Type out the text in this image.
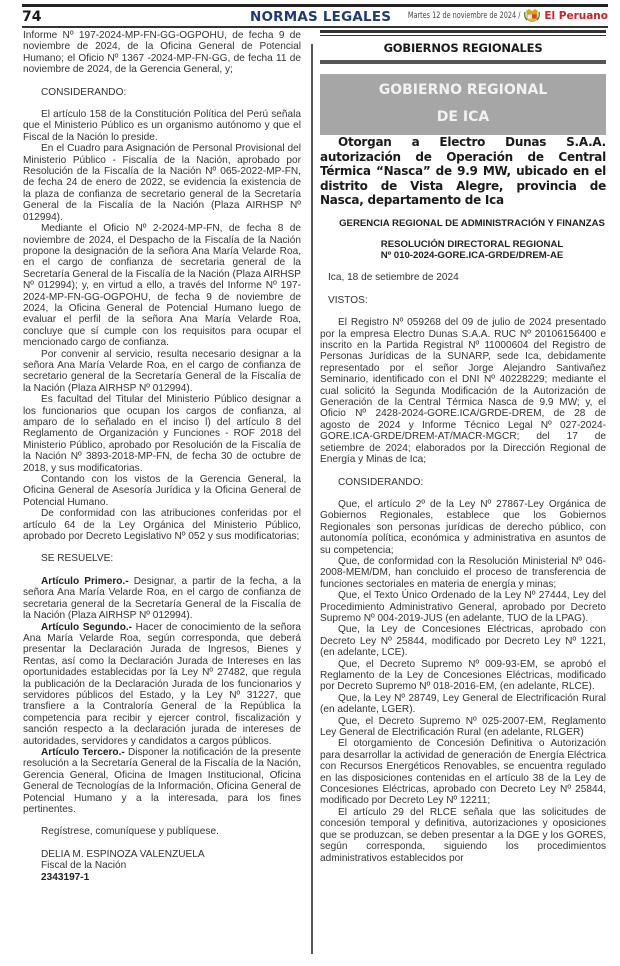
74	NORMAS LEGALES Martes 12 de noviembre de 2024 / El Peruano

Informe Nº 197-2024-MP-FN-GG-OGPOHU, de fecha 9 de noviembre de 2024, de la Oficina General de Potencial Humano; el Oficio Nº 1367 -2024-MP-FN-GG, de fecha 11 de noviembre de 2024, de la Gerencia General, y;

CONSIDERANDO:

El artículo 158 de la Constitución Política del Perú señala que el Ministerio Público es un organismo autónomo y que el Fiscal de la Nación lo preside.

En el Cuadro para Asignación de Personal Provisional del Ministerio Público - Fiscalía de la Nación, aprobado por Resolución de la Fiscalía de la Nación Nº 065-2022-MP-FN, de fecha 24 de enero de 2022, se evidencia la existencia de la plaza de confianza de secretario general de la Secretaría General de la Fiscalía de la Nación (Plaza AIRHSP Nº 012994).

Mediante el Oficio Nº 2-2024-MP-FN, de fecha 8 de noviembre de 2024, el Despacho de la Fiscalía de la Nación propone la designación de la señora Ana María Velarde Roa, en el cargo de confianza de secretaria general de la Secretaría General de la Fiscalía de la Nación (Plaza AIRHSP Nº 012994); y, en virtud a ello, a través del Informe Nº 197-2024-MP-FN-GG-OGPOHU, de fecha 9 de noviembre de 2024, la Oficina General de Potencial Humano luego de evaluar el perfil de la señora Ana María Velarde Roa, concluye que sí cumple con los requisitos para ocupar el mencionado cargo de confianza.

Por convenir al servicio, resulta necesario designar a la señora Ana María Velarde Roa, en el cargo de confianza de secretario general de la Secretaría General de la Fiscalía de la Nación (Plaza AIRHSP Nº 012994).

Es facultad del Titular del Ministerio Público designar a los funcionarios que ocupan los cargos de confianza, al amparo de lo señalado en el inciso l) del artículo 8 del Reglamento de Organización y Funciones - ROF 2018 del Ministerio Público, aprobado por Resolución de la Fiscalía de la Nación Nº 3893-2018-MP-FN, de fecha 30 de octubre de 2018, y sus modificatorias.

Contando con los vistos de la Gerencia General, la Oficina General de Asesoría Jurídica y la Oficina General de Potencial Humano.

De conformidad con las atribuciones conferidas por el artículo 64 de la Ley Orgánica del Ministerio Público, aprobado por Decreto Legislativo Nº 052 y sus modificatorias;

SE RESUELVE:

Artículo Primero.- Designar, a partir de la fecha, a la señora Ana María Velarde Roa, en el cargo de confianza de secretaria general de la Secretaría General de la Fiscalía de la Nación (Plaza AIRHSP Nº 012994).

Artículo Segundo.- Hacer de conocimiento de la señora Ana María Velarde Roa, según corresponda, que deberá presentar la Declaración Jurada de Ingresos, Bienes y Rentas, así como la Declaración Jurada de Intereses en las oportunidades establecidas por la Ley Nº 27482, que regula la publicación de la Declaración Jurada de los funcionarios y servidores públicos del Estado, y la Ley Nº 31227, que transfiere a la Contraloría General de la República la competencia para recibir y ejercer control, fiscalización y sanción respecto a la declaración jurada de intereses de autoridades, servidores y candidatos a cargos públicos.

Artículo Tercero.- Disponer la notificación de la presente resolución a la Secretaría General de la Fiscalía de la Nación, Gerencia General, Oficina de Imagen Institucional, Oficina General de Tecnologías de la Información, Oficina General de Potencial Humano y a la interesada, para los fines pertinentes.

Regístrese, comuníquese y publíquese.

DELIA M. ESPINOZA VALENZUELA

Fiscal de la Nación

2343197-1

GOBIERNOS REGIONALES
GOBIERNO REGIONAL
DE ICA

Otorgan a Electro Dunas S.A.A. autorización de Operación de Central Térmica “Nasca” de 9.9 MW, ubicado en el distrito de Vista Alegre, provincia de Nasca, departamento de Ica

GERENCIA REGIONAL DE ADMINISTRACIÓN Y FINANZAS

RESOLUCIÓN DIRECTORAL REGIONAL

Nº 010-2024-GORE.ICA-GRDE/DREM-AE

Ica, 18 de setiembre de 2024

VISTOS:

El Registro Nº 059268 del 09 de julio de 2024 presentado por la empresa Electro Dunas S.A.A. RUC Nº 20106156400 e inscrito en la Partida Registral Nº 11000604 del Registro de Personas Jurídicas de la SUNARP, sede Ica, debidamente representado por el señor Jorge Alejandro Santivañez Seminario, identificado con el DNI Nº 40228229; mediante el cual solicitó la Segunda Modificación de la Autorización de Generación de la Central Térmica Nasca de 9.9 MW; y, el Oficio Nº 2428-2024-GORE.ICA/GRDE-DREM, de 28 de agosto de 2024 y Informe Técnico Legal Nº 027-2024-GORE.ICA-GRDE/DREM-AT/MACR-MGCR; del 17 de setiembre de 2024; elaborados por la Dirección Regional de Energía y Minas de Ica;

CONSIDERANDO:

Que, el artículo 2º de la Ley Nº 27867-Ley Orgánica de Gobiernos Regionales, establece que los Gobiernos Regionales son personas jurídicas de derecho público, con autonomía política, económica y administrativa en asuntos de su competencia;

Que, de conformidad con la Resolución Ministerial Nº 046-2008-MEM/DM, han concluido el proceso de transferencia de funciones sectoriales en materia de energía y minas;

Que, el Texto Único Ordenado de la Ley Nº 27444, Ley del Procedimiento Administrativo General, aprobado por Decreto Supremo Nº 004-2019-JUS (en adelante, TUO de la LPAG).

Que, la Ley de Concesiones Eléctricas, aprobado con Decreto Ley Nº 25844, modificado por Decreto Ley Nº 1221, (en adelante, LCE).

Que, el Decreto Supremo Nº 009-93-EM, se aprobó el Reglamento de la Ley de Concesiones Eléctricas, modificado por Decreto Supremo Nº 018-2016-EM, (en adelante, RLCE).

Que, la Ley Nº 28749, Ley General de Electrificación Rural (en adelante, LGER).

Que, el Decreto Supremo Nº 025-2007-EM, Reglamento Ley General de Electrificación Rural (en adelante, RLGER)

El otorgamiento de Concesión Definitiva o Autorización para desarrollar la actividad de generación de Energía Eléctrica con Recursos Energéticos Renovables, se encuentra regulado en las disposiciones contenidas en el artículo 38 de la Ley de Concesiones Eléctricas, aprobado con Decreto Ley Nº 25844, modificado por Decreto Ley Nº 12211;

El artículo 29 del RLCE señala que las solicitudes de concesión temporal y definitiva, autorizaciones y oposiciones que se produzcan, se deben presentar a la DGE y los GORES, según corresponda, siguiendo los procedimientos administrativos establecidos por
